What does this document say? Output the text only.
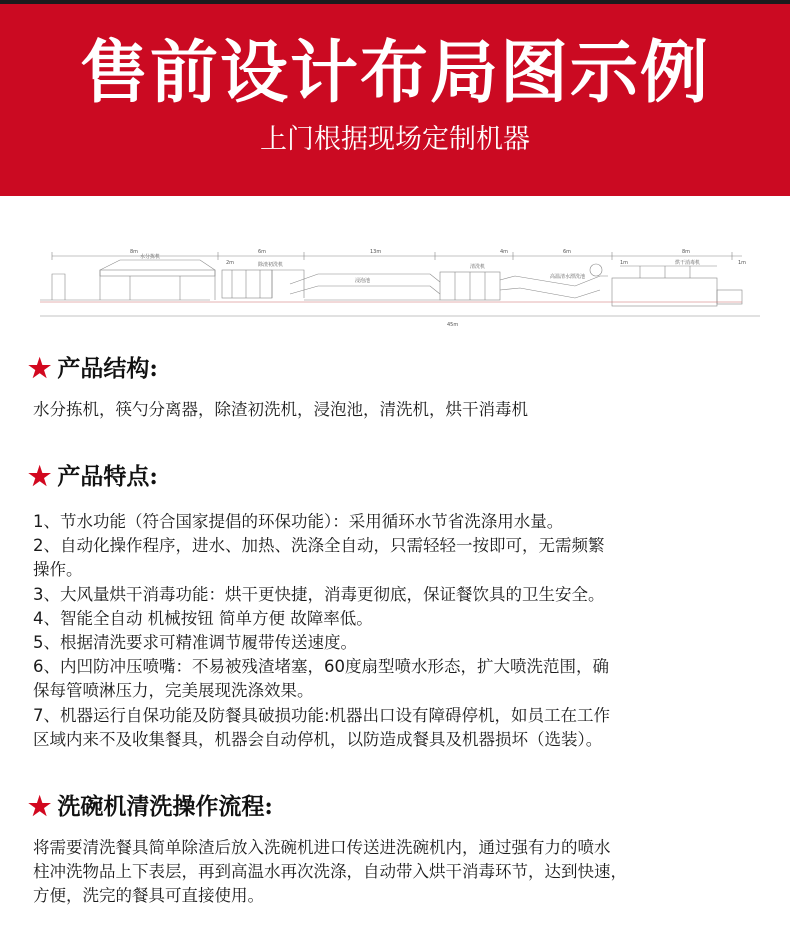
售前设计布局图示例
上门根据现场定制机器
8m	6m
2m
13m	4m	6m	8m
1m	1m
45m
水分拣机
除渣初洗机
浸泡池
清洗机
高温清水漂洗池
烘干消毒机
★ 产品结构:
水分拣机，筷勺分离器，除渣初洗机，浸泡池，清洗机，烘干消毒机
★ 产品特点:
1、节水功能（符合国家提倡的环保功能）：采用循环水节省洗涤用水量。
2、自动化操作程序，进水、加热、洗涤全自动，只需轻轻一按即可，无需频繁
操作。
3、大风量烘干消毒功能：烘干更快捷，消毒更彻底，保证餐饮具的卫生安全。
4、智能全自动 机械按钮 简单方便 故障率低。
5、根据清洗要求可精准调节履带传送速度。
6、内凹防冲压喷嘴：不易被残渣堵塞，60度扇型喷水形态，扩大喷洗范围，确
保每管喷淋压力，完美展现洗涤效果。
7、机器运行自保功能及防餐具破损功能:机器出口设有障碍停机，如员工在工作
区域内来不及收集餐具，机器会自动停机，以防造成餐具及机器损坏（选装）。
★ 洗碗机清洗操作流程:
将需要清洗餐具简单除渣后放入洗碗机进口传送进洗碗机内，通过强有力的喷水
柱冲洗物品上下表层，再到高温水再次洗涤，自动带入烘干消毒环节，达到快速，
方便，洗完的餐具可直接使用。
